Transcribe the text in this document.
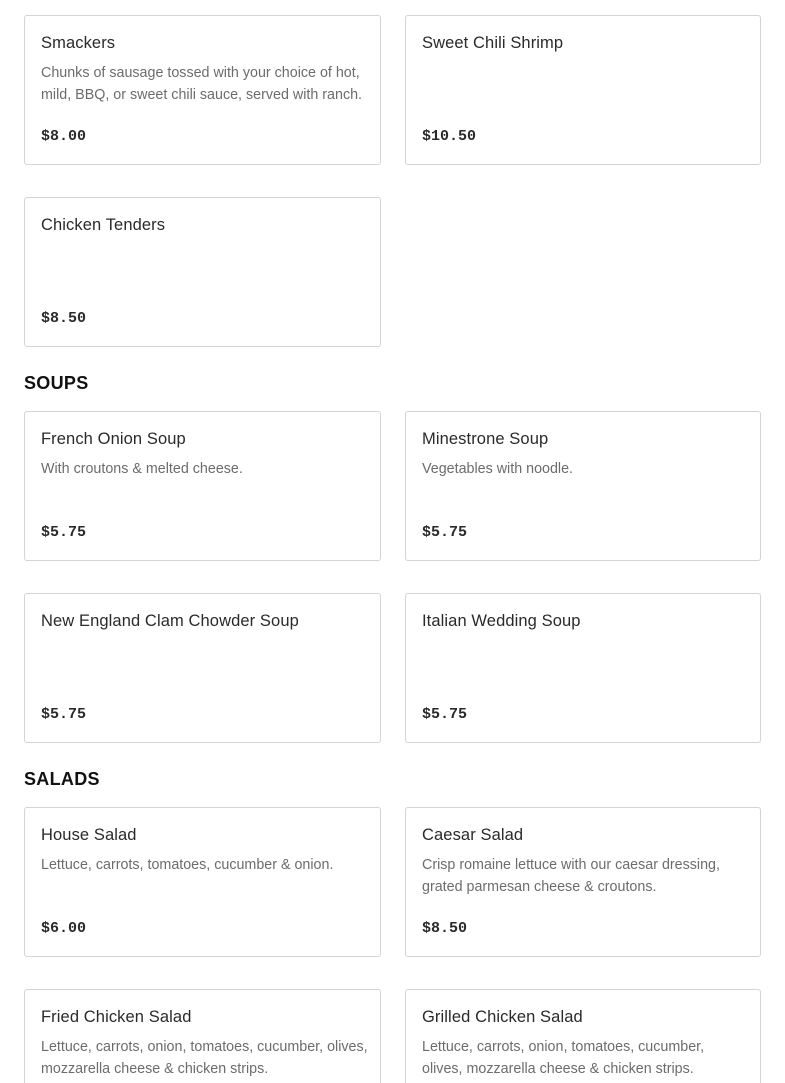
Smackers
Chunks of sausage tossed with your choice of hot, mild, BBQ, or sweet chili sauce, served with ranch.
$8.00
Sweet Chili Shrimp
$10.50
Chicken Tenders
$8.50
SOUPS
French Onion Soup
With croutons & melted cheese.
$5.75
Minestrone Soup
Vegetables with noodle.
$5.75
New England Clam Chowder Soup
$5.75
Italian Wedding Soup
$5.75
SALADS
House Salad
Lettuce, carrots, tomatoes, cucumber & onion.
$6.00
Caesar Salad
Crisp romaine lettuce with our caesar dressing, grated parmesan cheese & croutons.
$8.50
Fried Chicken Salad
Lettuce, carrots, onion, tomatoes, cucumber, olives, mozzarella cheese & chicken strips.
Grilled Chicken Salad
Lettuce, carrots, onion, tomatoes, cucumber, olives, mozzarella cheese & chicken strips.
